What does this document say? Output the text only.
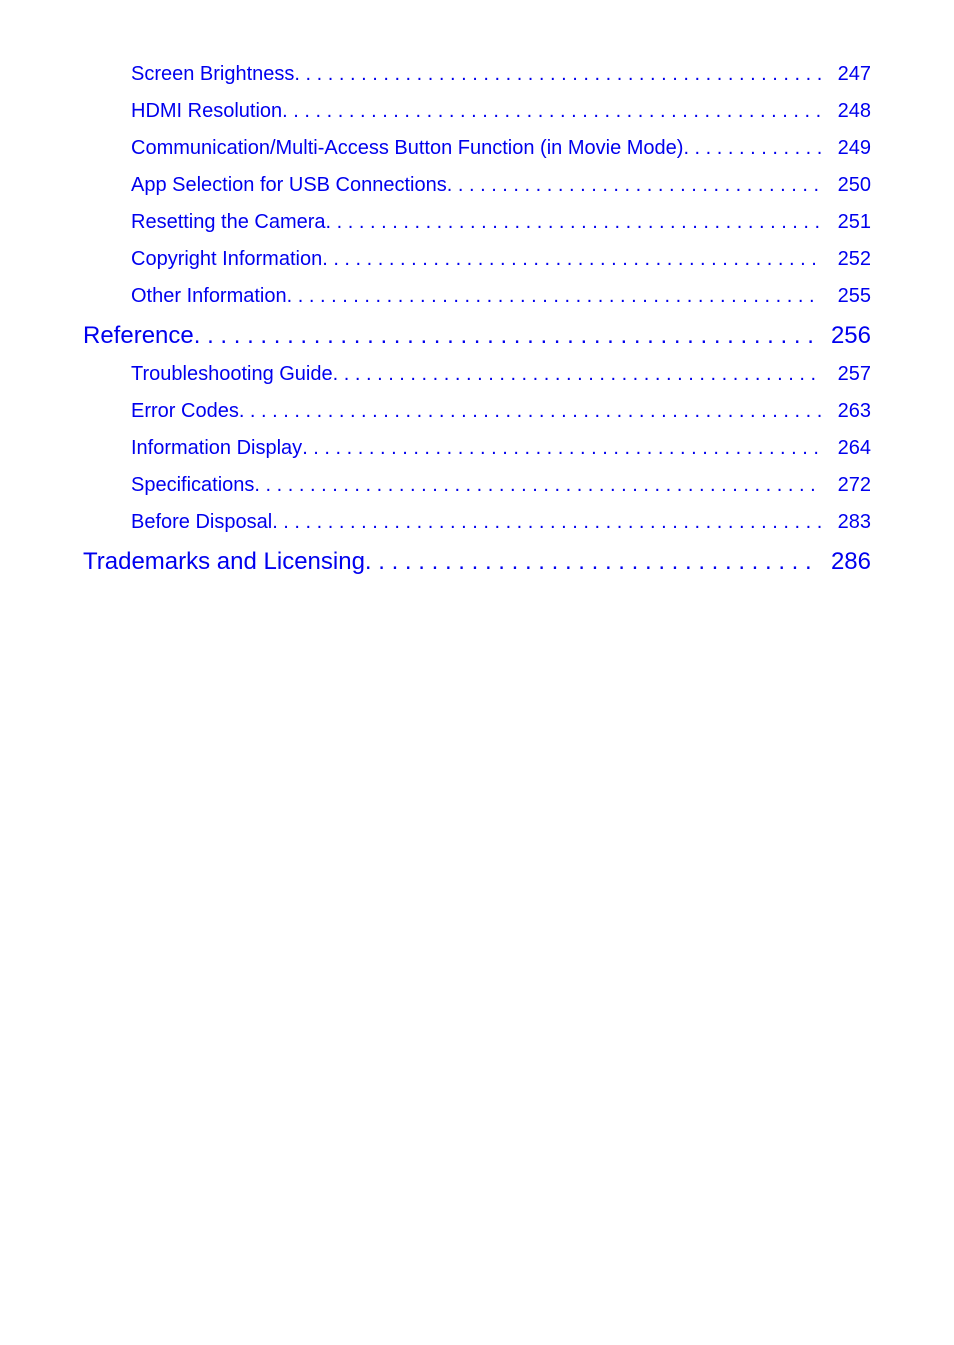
Screen Brightness . . .	247
HDMI Resolution . . .	248
Communication/Multi-Access Button Function (in Movie Mode) . . .	249
App Selection for USB Connections . . .	250
Resetting the Camera . . .	251
Copyright Information . . .	252
Other Information . . .	255
Reference . . .	256
Troubleshooting Guide . . .	257
Error Codes . . .	263
Information Display . . .	264
Specifications . . .	272
Before Disposal . . .	283
Trademarks and Licensing . . .	286
